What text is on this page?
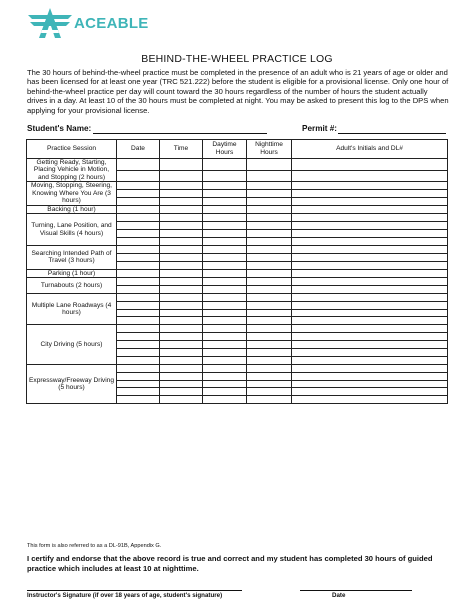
ACEABLE
BEHIND-THE-WHEEL PRACTICE LOG
The 30 hours of behind-the-wheel practice must be completed in the presence of an adult who is 21 years of age or older and has been licensed for at least one year (TRC 521.222) before the student is eligible for a provisional license. Only one hour of behind-the-wheel practice per day will count toward the 30 hours regardless of the number of hours the student actually drives in a day. At least 10 of the 30 hours must be completed at night. You may be asked to present this log to the DPS when applying for your provisional license.
Student's Name:	Permit #:
Practice Session	Date	Time	Daytime Hours	Nighttime Hours	Adult's Initials and DL#
Getting Ready, Starting, Placing Vehicle in Motion, and Stopping (2 hours)					

Moving, Stopping, Steering, Knowing Where You Are (3 hours)					

Backing (1 hour)					
Turning, Lane Position, and Visual Skills (4 hours)					

Searching Intended Path of Travel (3 hours)					

Parking (1 hour)					
Turnabouts (2 hours)					

Multiple Lane Roadways (4 hours)					

City Driving (5 hours)					

Expressway/Freeway Driving (5 hours)					

This form is also referred to as a DL-91B, Appendix G.
I certify and endorse that the above record is true and correct and my student has completed 30 hours of guided practice which includes at least 10 at nighttime.
Instructor's Signature (if over 18 years of age, student's signature)	Date
